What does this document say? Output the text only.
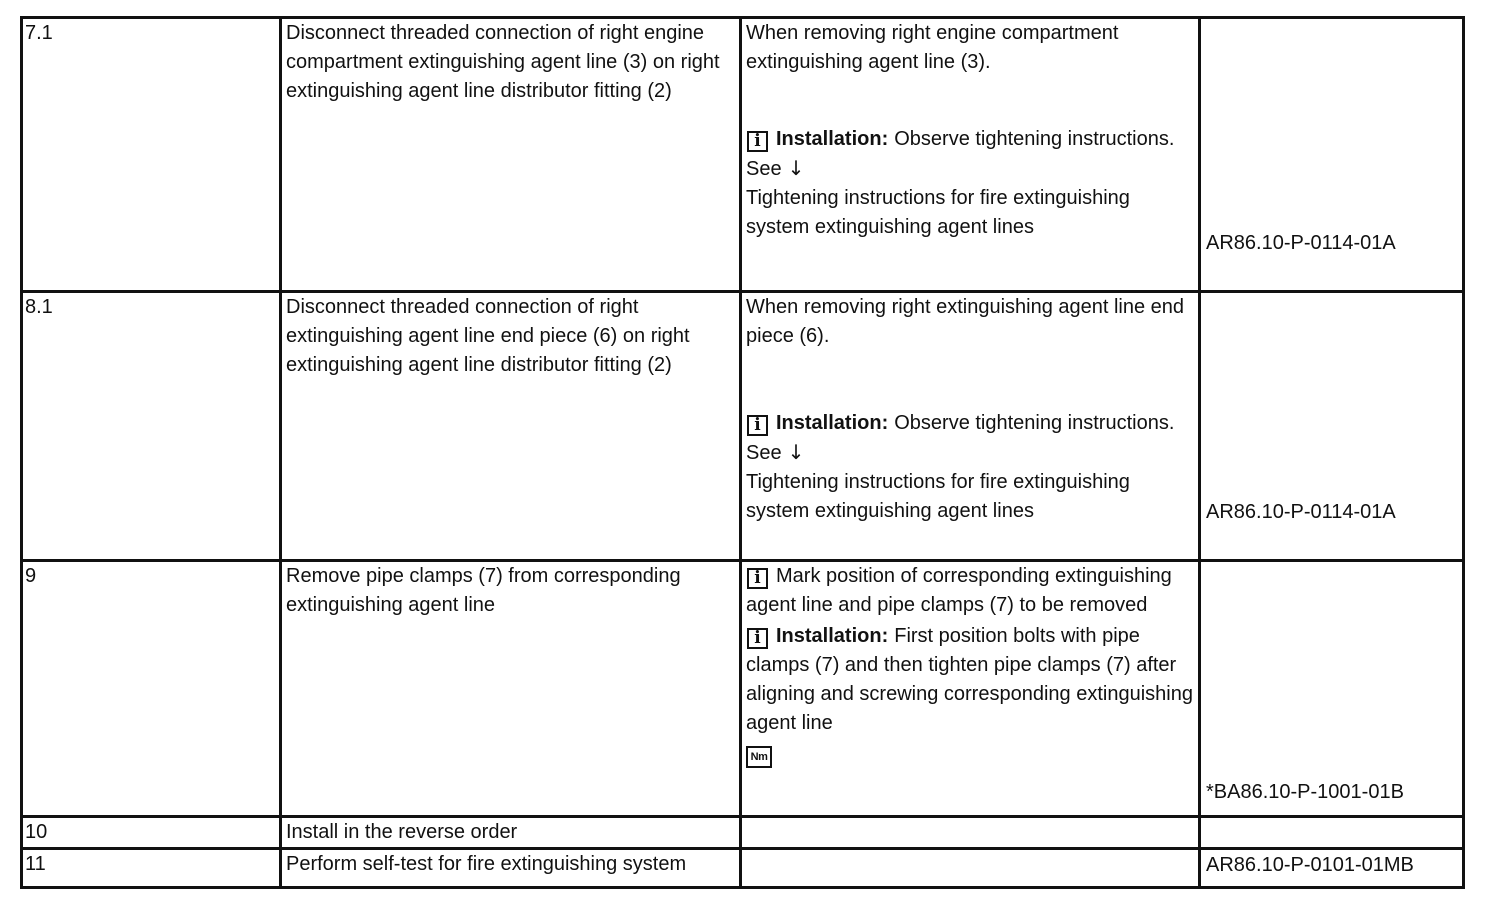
7.1	Disconnect threaded connection of right engine compartment extinguishing agent line (3) on right extinguishing agent line distributor fitting (2)	When removing right engine compartment extinguishing agent line (3).
i Installation: Observe tightening instructions.
See ↓
Tightening instructions for fire extinguishing system extinguishing agent lines	AR86.10-P-0114-01A

8.1	Disconnect threaded connection of right extinguishing agent line end piece (6) on right extinguishing agent line distributor fitting (2)	When removing right extinguishing agent line end piece (6).
i Installation: Observe tightening instructions.
See ↓
Tightening instructions for fire extinguishing system extinguishing agent lines	AR86.10-P-0114-01A

9	Remove pipe clamps (7) from corresponding extinguishing agent line	i Mark position of corresponding extinguishing agent line and pipe clamps (7) to be removed
i Installation: First position bolts with pipe clamps (7) and then tighten pipe clamps (7) after aligning and screwing corresponding extinguishing agent line
Nm	*BA86.10-P-1001-01B

10	Install in the reverse order		

11	Perform self-test for fire extinguishing system		AR86.10-P-0101-01MB
